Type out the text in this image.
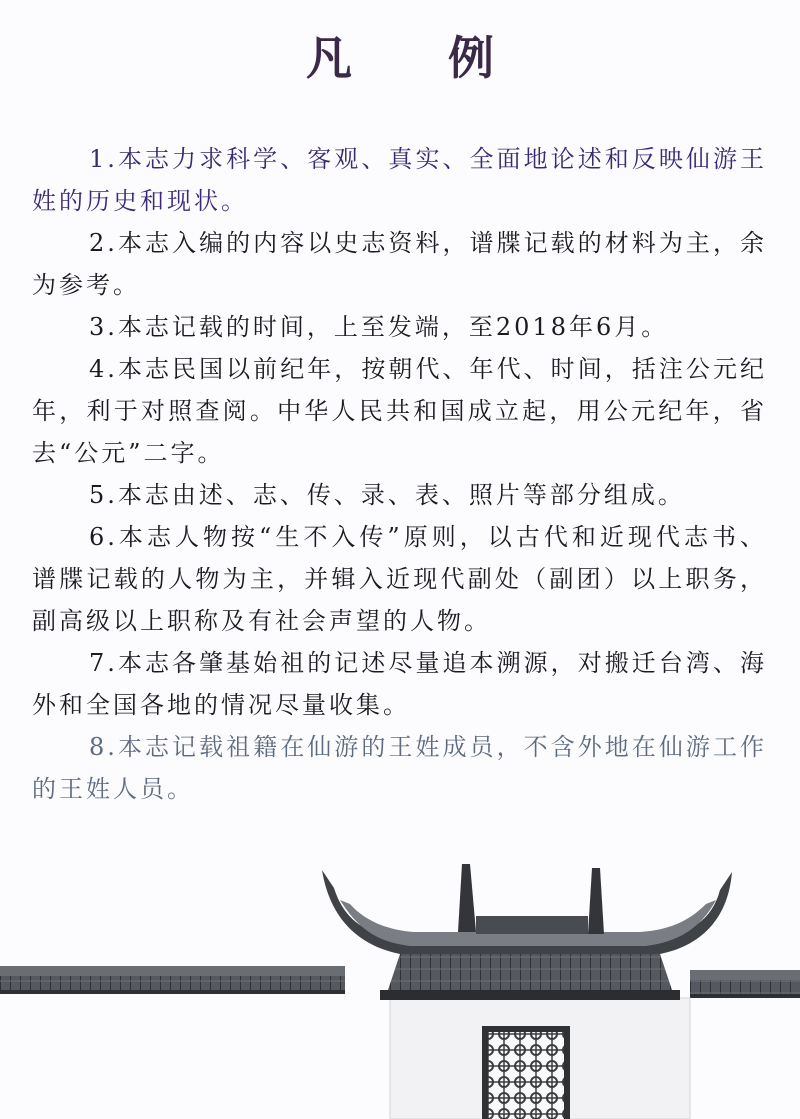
凡 例

1.本志力求科学、客观、真实、全面地论述和反映仙游王姓的历史和现状。

2.本志入编的内容以史志资料，谱牒记载的材料为主，余为参考。

3.本志记载的时间，上至发端，至2018年6月。

4.本志民国以前纪年，按朝代、年代、时间，括注公元纪年，利于对照查阅。中华人民共和国成立起，用公元纪年，省去“公元”二字。

5.本志由述、志、传、录、表、照片等部分组成。

6.本志人物按“生不入传”原则，以古代和近现代志书、谱牒记载的人物为主，并辑入近现代副处（副团）以上职务，副高级以上职称及有社会声望的人物。

7.本志各肇基始祖的记述尽量追本溯源，对搬迁台湾、海外和全国各地的情况尽量收集。

8.本志记载祖籍在仙游的王姓成员，不含外地在仙游工作的王姓人员。
